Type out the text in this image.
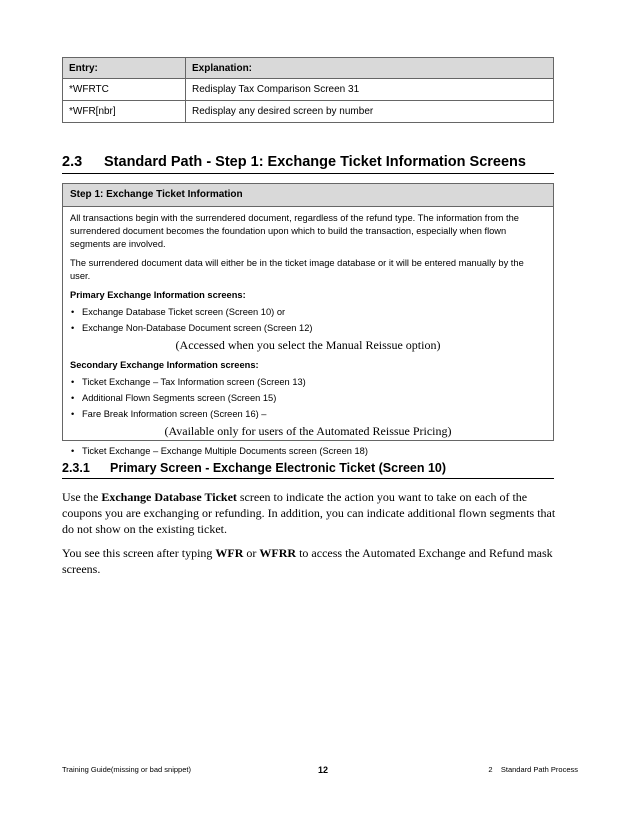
Entry:	Explanation:
*WFRTC	Redisplay Tax Comparison Screen 31
*WFR[nbr]	Redisplay any desired screen by number
2.3 Standard Path - Step 1: Exchange Ticket Information Screens
Step 1: Exchange Ticket Information

All transactions begin with the surrendered document, regardless of the refund type. The information from the surrendered document becomes the foundation upon which to build the transaction, especially when flown segments are involved.

The surrendered document data will either be in the ticket image database or it will be entered manually by the user.

Primary Exchange Information screens:

• Exchange Database Ticket screen (Screen 10) or
• Exchange Non-Database Document screen (Screen 12)

(Accessed when you select the Manual Reissue option)

Secondary Exchange Information screens:

• Ticket Exchange – Tax Information screen (Screen 13)
• Additional Flown Segments screen (Screen 15)
• Fare Break Information screen (Screen 16) –

(Available only for users of the Automated Reissue Pricing)

• Ticket Exchange – Exchange Multiple Documents screen (Screen 18)
2.3.1 Primary Screen - Exchange Electronic Ticket (Screen 10)

Use the Exchange Database Ticket screen to indicate the action you want to take on each of the coupons you are exchanging or refunding. In addition, you can indicate additional flown segments that do not show on the existing ticket.

You see this screen after typing WFR or WFRR to access the Automated Exchange and Refund mask screens.

Training Guide(missing or bad snippet)	12	2    Standard Path Process
